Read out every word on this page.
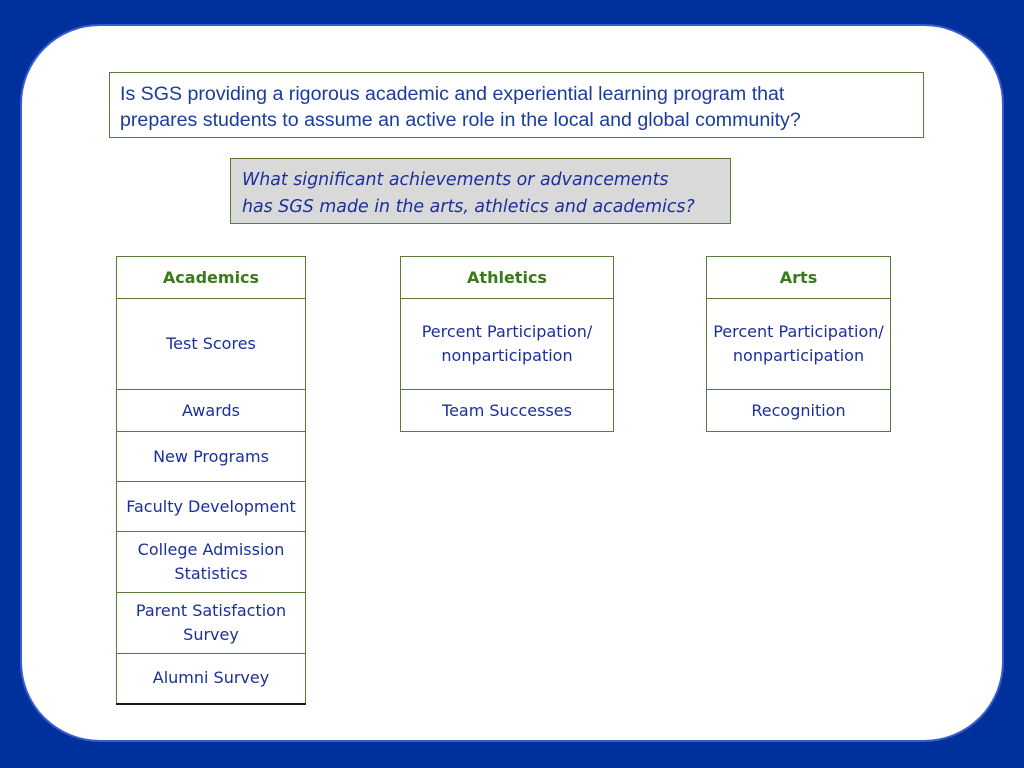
Is SGS providing a rigorous academic and experiential learning program that
prepares students to assume an active role in the local and global community?
What significant achievements or advancements
has SGS made in the arts, athletics and academics?
Academics
Test Scores
Awards
New Programs
Faculty Development
College Admission Statistics
Parent Satisfaction Survey
Alumni Survey
Athletics
Percent Participation/ nonparticipation
Team Successes
Arts
Percent Participation/ nonparticipation
Recognition
